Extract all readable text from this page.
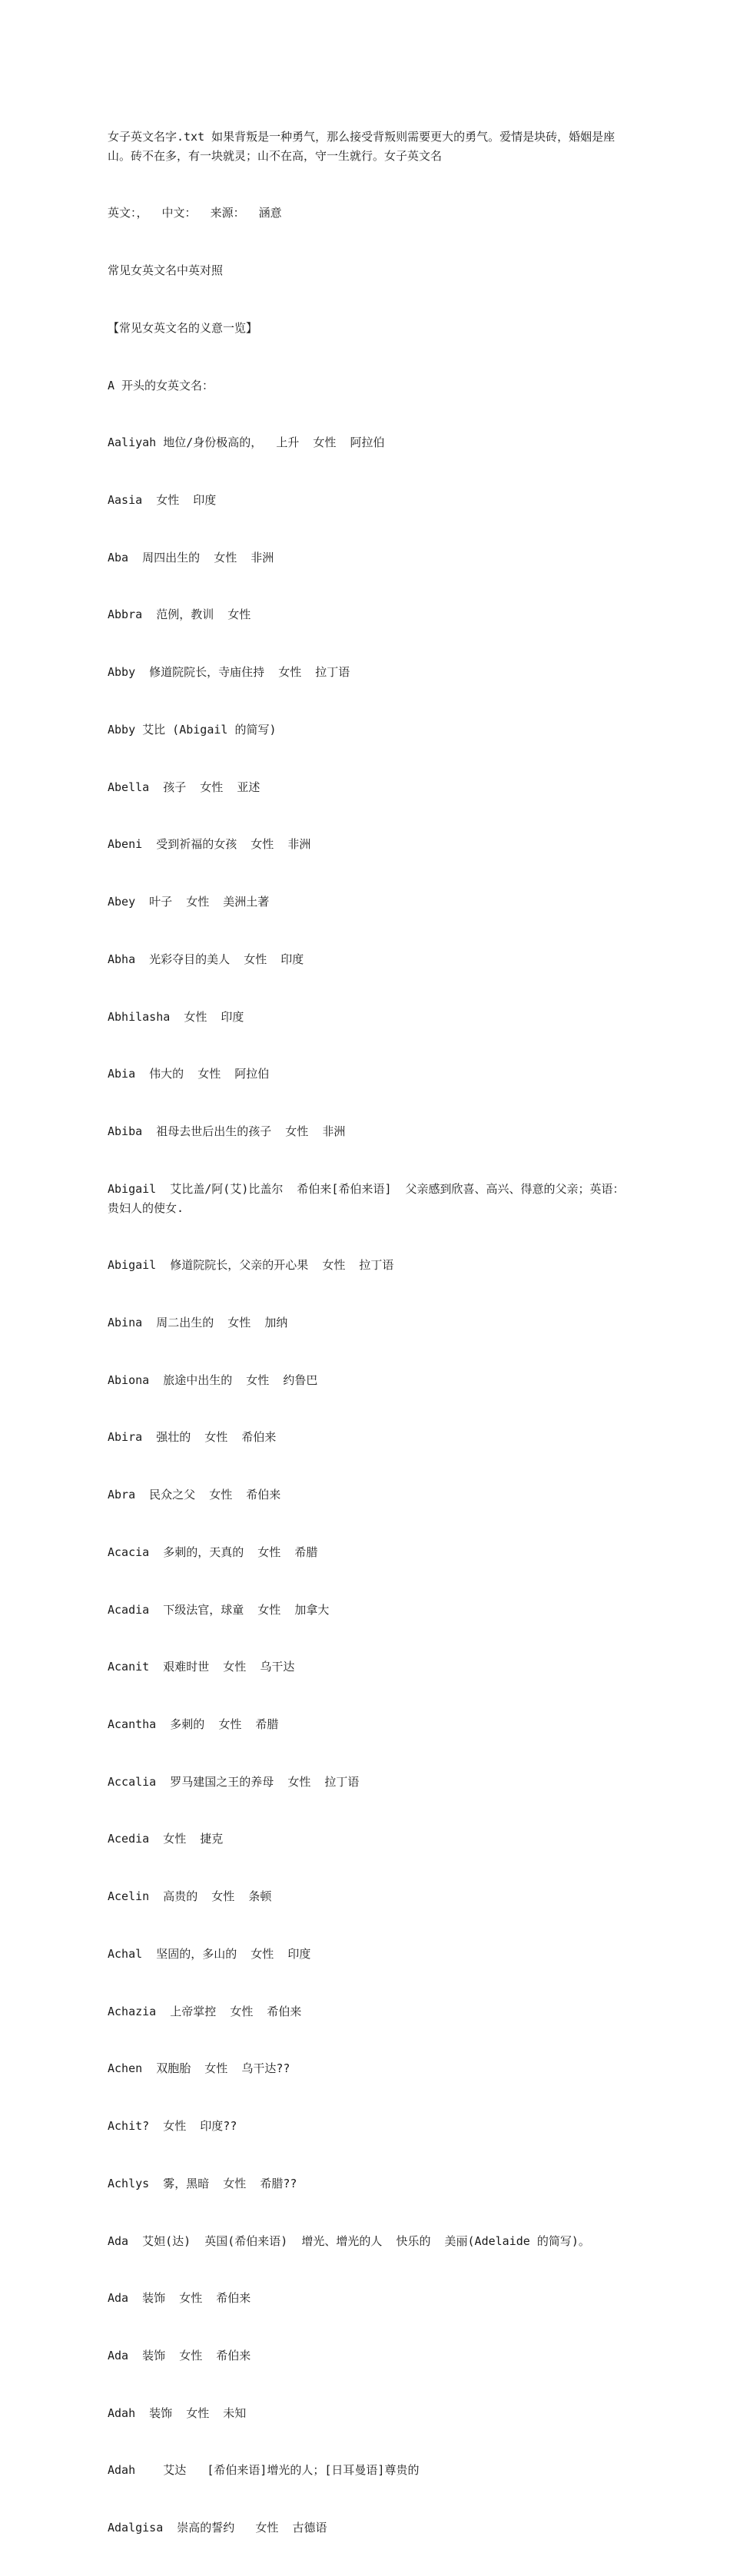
女子英文名字.txt 如果背叛是一种勇气，那么接受背叛则需要更大的勇气。爱情是块砖，婚姻是座山。砖不在多，有一块就灵；山不在高，守一生就行。女子英文名

英文：，  中文：  来源：  涵意

常见女英文名中英对照

【常见女英文名的义意一览】

A 开头的女英文名：

Aaliyah 地位/身份极高的，  上升  女性  阿拉伯

Aasia  女性  印度

Aba  周四出生的  女性  非洲

Abbra  范例，教训  女性

Abby  修道院院长，寺庙住持  女性  拉丁语

Abby 艾比 (Abigail 的简写)

Abella  孩子  女性  亚述

Abeni  受到祈福的女孩  女性  非洲

Abey  叶子  女性  美洲土著

Abha  光彩夺目的美人  女性  印度

Abhilasha  女性  印度

Abia  伟大的  女性  阿拉伯

Abiba  祖母去世后出生的孩子  女性  非洲

Abigail  艾比盖/阿(艾)比盖尔  希伯来[希伯来语]  父亲感到欣喜、高兴、得意的父亲；英语：贵妇人的使女.

Abigail  修道院院长，父亲的开心果  女性  拉丁语

Abina  周二出生的  女性  加纳

Abiona  旅途中出生的  女性  约鲁巴

Abira  强壮的  女性  希伯来

Abra  民众之父  女性  希伯来

Acacia  多刺的，天真的  女性  希腊

Acadia  下级法官，球童  女性  加拿大

Acanit  艰难时世  女性  乌干达

Acantha  多刺的  女性  希腊

Accalia  罗马建国之王的养母  女性  拉丁语

Acedia  女性  捷克

Acelin  高贵的  女性  条顿

Achal  坚固的，多山的  女性  印度

Achazia  上帝掌控  女性  希伯来

Achen  双胞胎  女性  乌干达??

Achit?  女性  印度??

Achlys  雾，黑暗  女性  希腊??

Ada  艾妲(达)  英国(希伯来语)  增光、增光的人  快乐的  美丽(Adelaide 的简写)。

Ada  装饰  女性  希伯来

Ada  装饰  女性  希伯来

Adah  装饰  女性  未知

Adah    艾达   [希伯来语]增光的人；[日耳曼语]尊贵的

Adalgisa  崇高的誓约   女性  古德语
